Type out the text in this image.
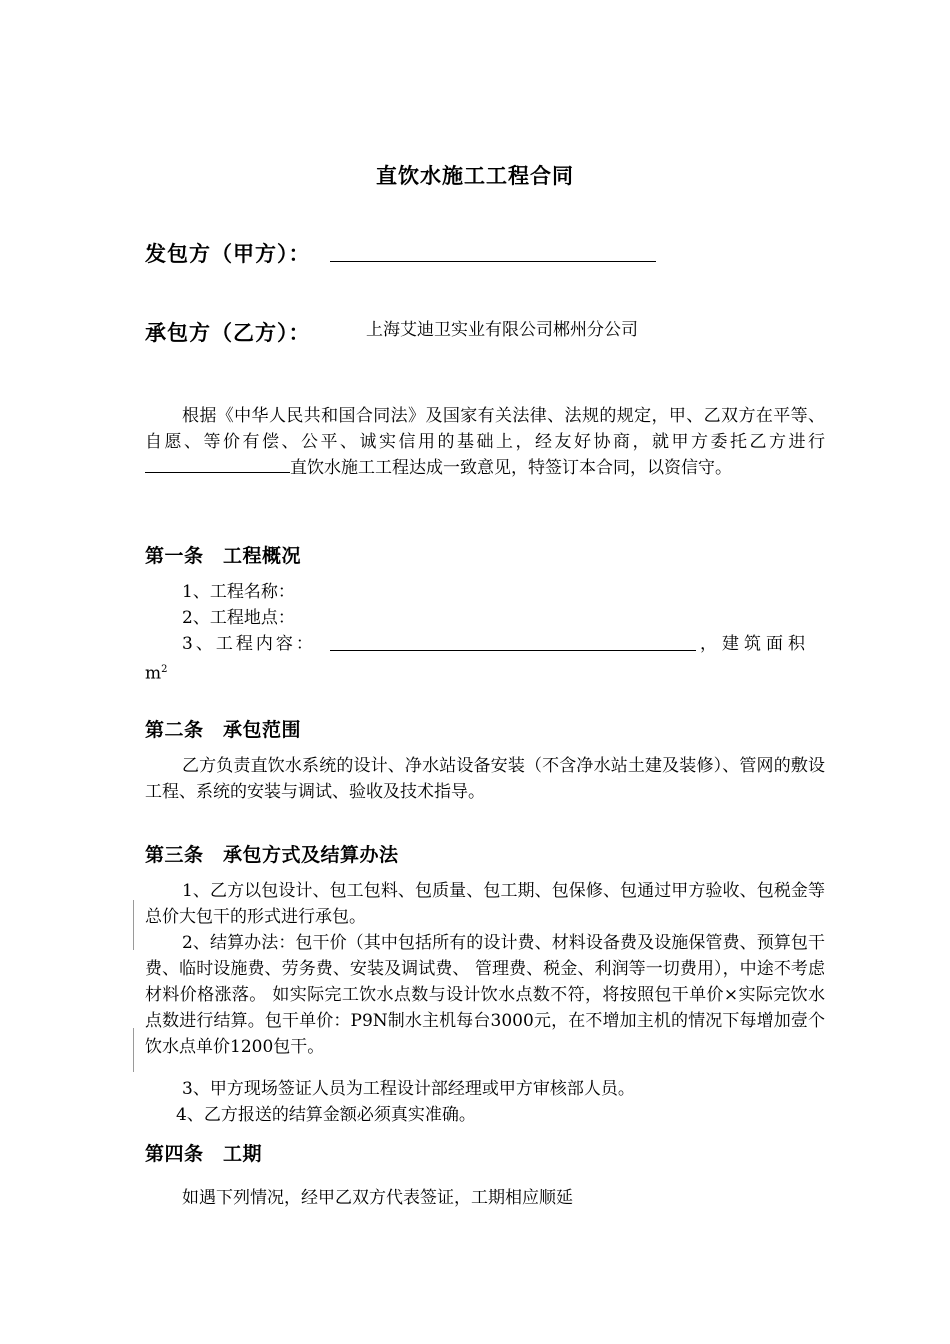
直饮水施工工程合同
发包方（甲方）：
承包方（乙方）：	上海艾迪卫实业有限公司郴州分公司
根据《中华人民共和国合同法》及国家有关法律、法规的规定，甲、乙双方在平等、自愿、等价有偿、公平、诚实信用的基础上，经友好协商，就甲方委托乙方进行直饮水施工工程达成一致意见，特签订本合同，以资信守。
第一条　工程概况
1、工程名称：
2、工程地点：
3、工程内容：	，建筑面积
$m^2$
第二条　承包范围
乙方负责直饮水系统的设计、净水站设备安装（不含净水站土建及装修）、管网的敷设工程、系统的安装与调试、验收及技术指导。
第三条　承包方式及结算办法
1、乙方以包设计、包工包料、包质量、包工期、包保修、包通过甲方验收、包税金等总价大包干的形式进行承包。
2、结算办法：包干价（其中包括所有的设计费、材料设备费及设施保管费、预算包干费、临时设施费、劳务费、安装及调试费、 管理费、税金、利润等一切费用），中途不考虑材料价格涨落。 如实际完工饮水点数与设计饮水点数不符，将按照包干单价×实际完饮水点数进行结算。包干单价：P9N制水主机每台3000元，在不增加主机的情况下每增加壹个饮水点单价1200包干。
3、甲方现场签证人员为工程设计部经理或甲方审核部人员。
4、乙方报送的结算金额必须真实准确。
第四条　工期
如遇下列情况，经甲乙双方代表签证，工期相应顺延
